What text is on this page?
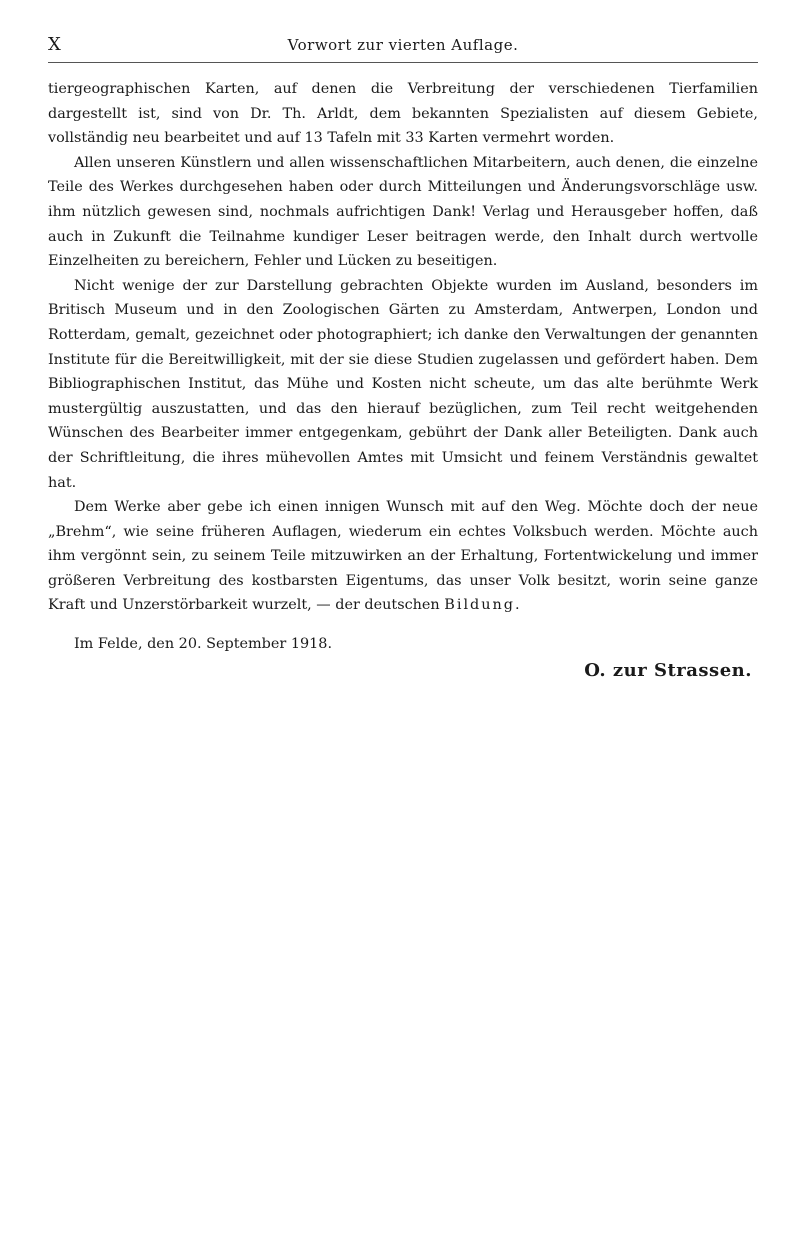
X	Vorwort zur vierten Auflage.

tiergeographischen Karten, auf denen die Verbreitung der verschiedenen Tierfamilien dargestellt ist, sind von Dr. Th. Arldt, dem bekannten Spezialisten auf diesem Gebiete, vollständig neu bearbeitet und auf 13 Tafeln mit 33 Karten vermehrt worden.

Allen unseren Künstlern und allen wissenschaftlichen Mitarbeitern, auch denen, die einzelne Teile des Werkes durchgesehen haben oder durch Mitteilungen und Änderungsvorschläge usw. ihm nützlich gewesen sind, nochmals aufrichtigen Dank! Verlag und Herausgeber hoffen, daß auch in Zukunft die Teilnahme kundiger Leser beitragen werde, den Inhalt durch wertvolle Einzelheiten zu bereichern, Fehler und Lücken zu beseitigen.

Nicht wenige der zur Darstellung gebrachten Objekte wurden im Ausland, besonders im Britisch Museum und in den Zoologischen Gärten zu Amsterdam, Antwerpen, London und Rotterdam, gemalt, gezeichnet oder photographiert; ich danke den Verwaltungen der genannten Institute für die Bereitwilligkeit, mit der sie diese Studien zugelassen und gefördert haben. Dem Bibliographischen Institut, das Mühe und Kosten nicht scheute, um das alte berühmte Werk mustergültig auszustatten, und das den hierauf bezüglichen, zum Teil recht weitgehenden Wünschen des Bearbeiter immer entgegenkam, gebührt der Dank aller Beteiligten. Dank auch der Schriftleitung, die ihres mühevollen Amtes mit Umsicht und feinem Verständnis gewaltet hat.

Dem Werke aber gebe ich einen innigen Wunsch mit auf den Weg. Möchte doch der neue „Brehm“, wie seine früheren Auflagen, wiederum ein echtes Volksbuch werden. Möchte auch ihm vergönnt sein, zu seinem Teile mitzuwirken an der Erhaltung, Fortentwickelung und immer größeren Verbreitung des kostbarsten Eigentums, das unser Volk besitzt, worin seine ganze Kraft und Unzerstörbarkeit wurzelt, — der deutschen Bildung.

Im Felde, den 20. September 1918.
O. zur Strassen.
